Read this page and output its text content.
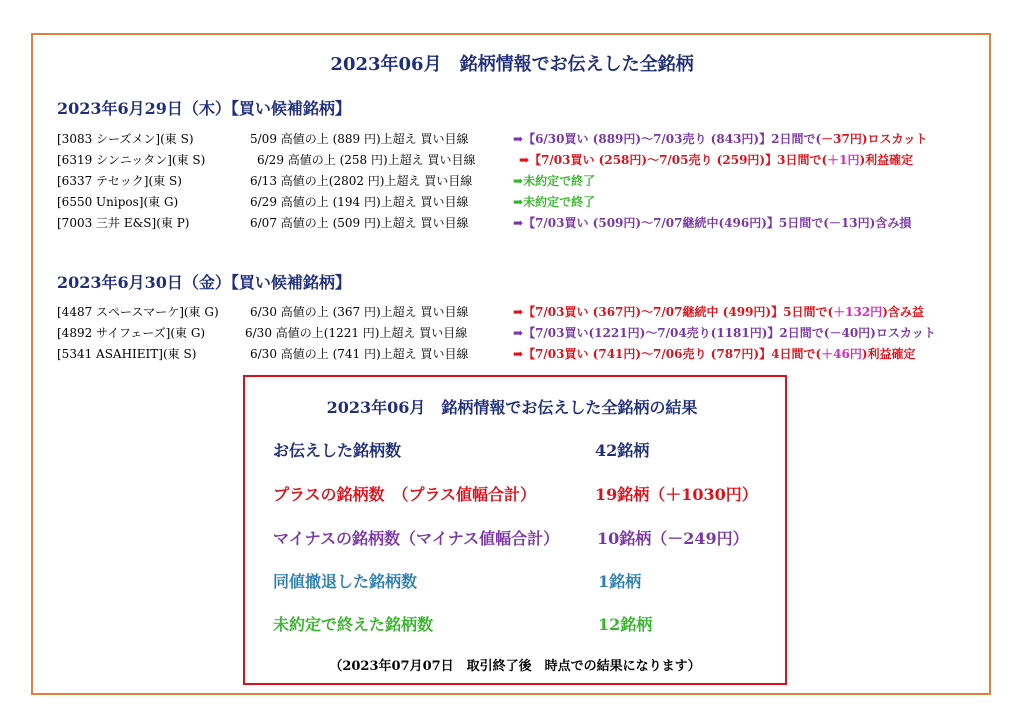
2023年06月　銘柄情報でお伝えした全銘柄
2023年6月29日（木）【買い候補銘柄】
[3083 シーズメン](東 S)	5/09 高値の上 (889 円)上超え 買い目線	➡【6/30買い (889円)～7/03売り (843円)】2日間で(－37円)ロスカット
[6319 シンニッタン](東 S)	6/29 高値の上 (258 円)上超え 買い目線	➡【7/03買い (258円)～7/05売り (259円)】3日間で(＋1円)利益確定
[6337 テセック](東 S)	6/13 高値の上(2802 円)上超え 買い目線	➡未約定で終了
[6550 Unipos](東 G)	6/29 高値の上 (194 円)上超え 買い目線	➡未約定で終了
[7003 三井 E&S](東 P)	6/07 高値の上 (509 円)上超え 買い目線	➡【7/03買い (509円)～7/07継続中(496円)】5日間で(－13円)含み損
2023年6月30日（金）【買い候補銘柄】
[4487 スペースマーケ](東 G)	6/30 高値の上 (367 円)上超え 買い目線	➡【7/03買い (367円)～7/07継続中 (499円)】5日間で(＋132円)含み益
[4892 サイフェーズ](東 G)	6/30 高値の上(1221 円)上超え 買い目線	➡【7/03買い(1221円)～7/04売り(1181円)】2日間で(－40円)ロスカット
[5341 ASAHIEIT](東 S)	6/30 高値の上 (741 円)上超え 買い目線	➡【7/03買い (741円)～7/06売り (787円)】4日間で(＋46円)利益確定
2023年06月　銘柄情報でお伝えした全銘柄の結果
お伝えした銘柄数	42銘柄
プラスの銘柄数　（プラス値幅合計）	19銘柄（＋1030円）
マイナスの銘柄数（マイナス値幅合計） 10銘柄（－249円）
同値撤退した銘柄数	1銘柄
未約定で終えた銘柄数	12銘柄
（2023年07月07日　取引終了後　時点での結果になります）
